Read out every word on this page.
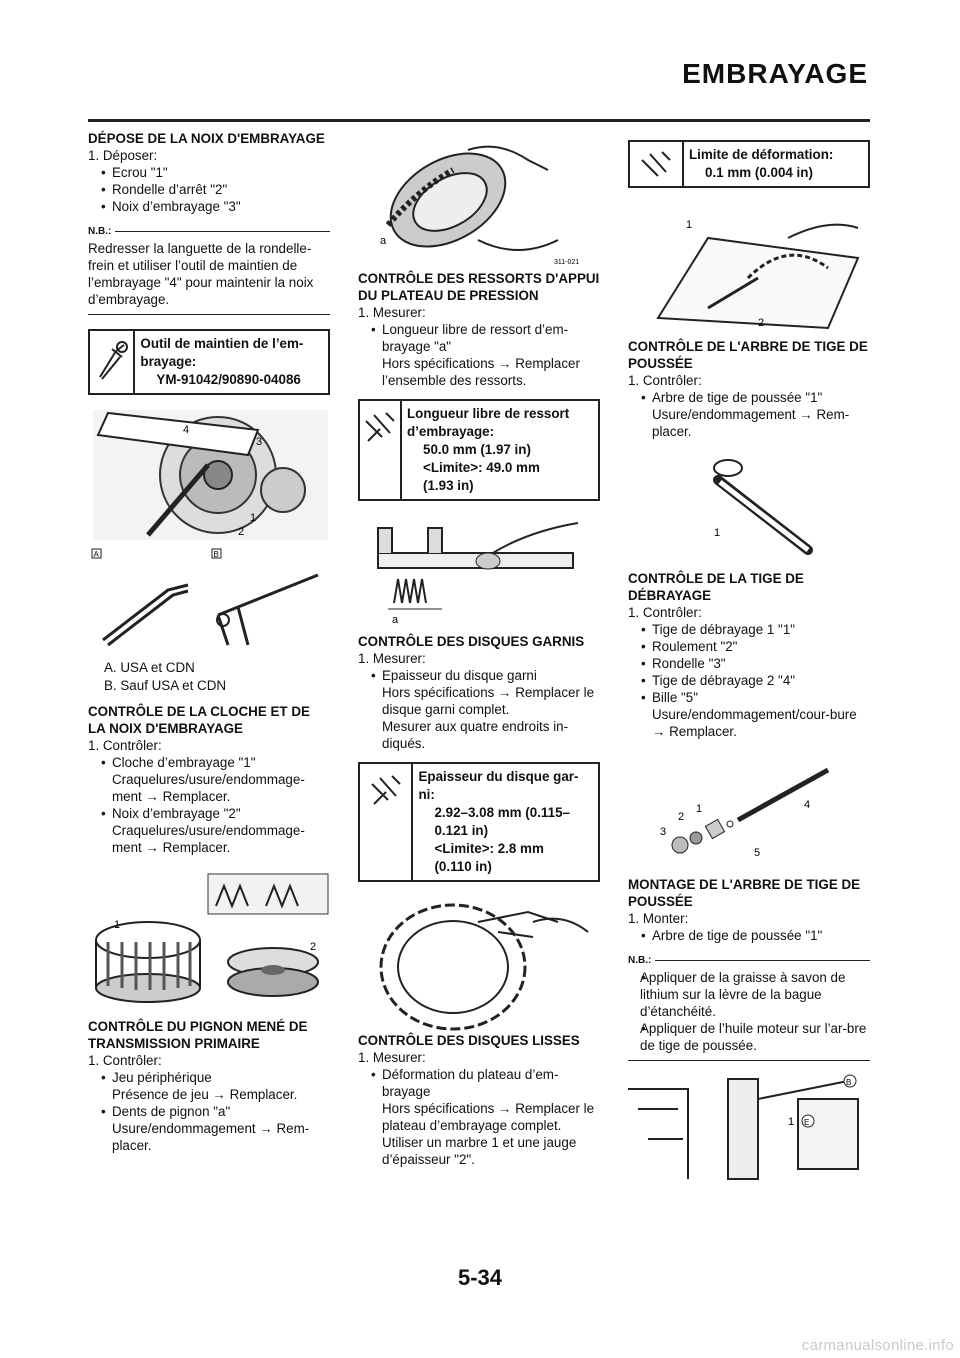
EMBRAYAGE
DÉPOSE DE LA NOIX D'EMBRAYAGE

1. Déposer:

• Ecrou "1"

• Rondelle d’arrêt "2"

• Noix d’embrayage "3"

N.B.:

Redresser la languette de la rondelle-frein et utiliser l’outil de maintien de l’embrayage "4" pour maintenir la noix d’embrayage.

Outil de maintien de l’em-brayage:
YM-91042/90890-04086
4
3
1
2
A	B

A. USA et CDN

B. Sauf USA et CDN

CONTRÔLE DE LA CLOCHE ET DE LA NOIX D'EMBRAYAGE

1. Contrôler:

• Cloche d’embrayage "1"

Craquelures/usure/endommage-ment → Remplacer.

• Noix d’embrayage "2"

Craquelures/usure/endommage-ment → Remplacer.

1
2
CONTRÔLE DU PIGNON MENÉ DE TRANSMISSION PRIMAIRE

1. Contrôler:

• Jeu périphérique

Présence de jeu → Remplacer.

• Dents de pignon "a"

Usure/endommagement → Rem-placer.

a
311-021
CONTRÔLE DES RESSORTS D'APPUI DU PLATEAU DE PRESSION

1. Mesurer:

• Longueur libre de ressort d’em-brayage "a"

Hors spécifications → Remplacer l’ensemble des ressorts.

Longueur libre de ressort d’embrayage:
50.0 mm (1.97 in)
<Limite>: 49.0 mm
(1.93 in)
a
CONTRÔLE DES DISQUES GARNIS

1. Mesurer:

• Epaisseur du disque garni

Hors spécifications → Remplacer le disque garni complet.

Mesurer aux quatre endroits in-diqués.

Epaisseur du disque gar-ni:
2.92–3.08 mm (0.115–
0.121 in)
<Limite>: 2.8 mm
(0.110 in)
CONTRÔLE DES DISQUES LISSES

1. Mesurer:

• Déformation du plateau d’em-brayage

Hors spécifications → Remplacer le plateau d’embrayage complet.

Utiliser un marbre 1 et une jauge d’épaisseur "2".

Limite de déformation:
0.1 mm (0.004 in)
1
2
CONTRÔLE DE L'ARBRE DE TIGE DE POUSSÉE

1. Contrôler:

• Arbre de tige de poussée "1"

Usure/endommagement → Rem-placer.

1
CONTRÔLE DE LA TIGE DE DÉBRAYAGE

1. Contrôler:

• Tige de débrayage 1 "1"

• Roulement "2"

• Rondelle "3"

• Tige de débrayage 2 "4"

• Bille "5"

Usure/endommagement/cour-bure → Remplacer.

3
2
1	4
5
MONTAGE DE L'ARBRE DE TIGE DE POUSSÉE

1. Monter:

• Arbre de tige de poussée "1"

N.B.:

• Appliquer de la graisse à savon de lithium sur la lèvre de la bague d’étanchéité.

• Appliquer de l’huile moteur sur l’ar-bre de tige de poussée.

B
E
1
5-34
carmanualsonline.info
